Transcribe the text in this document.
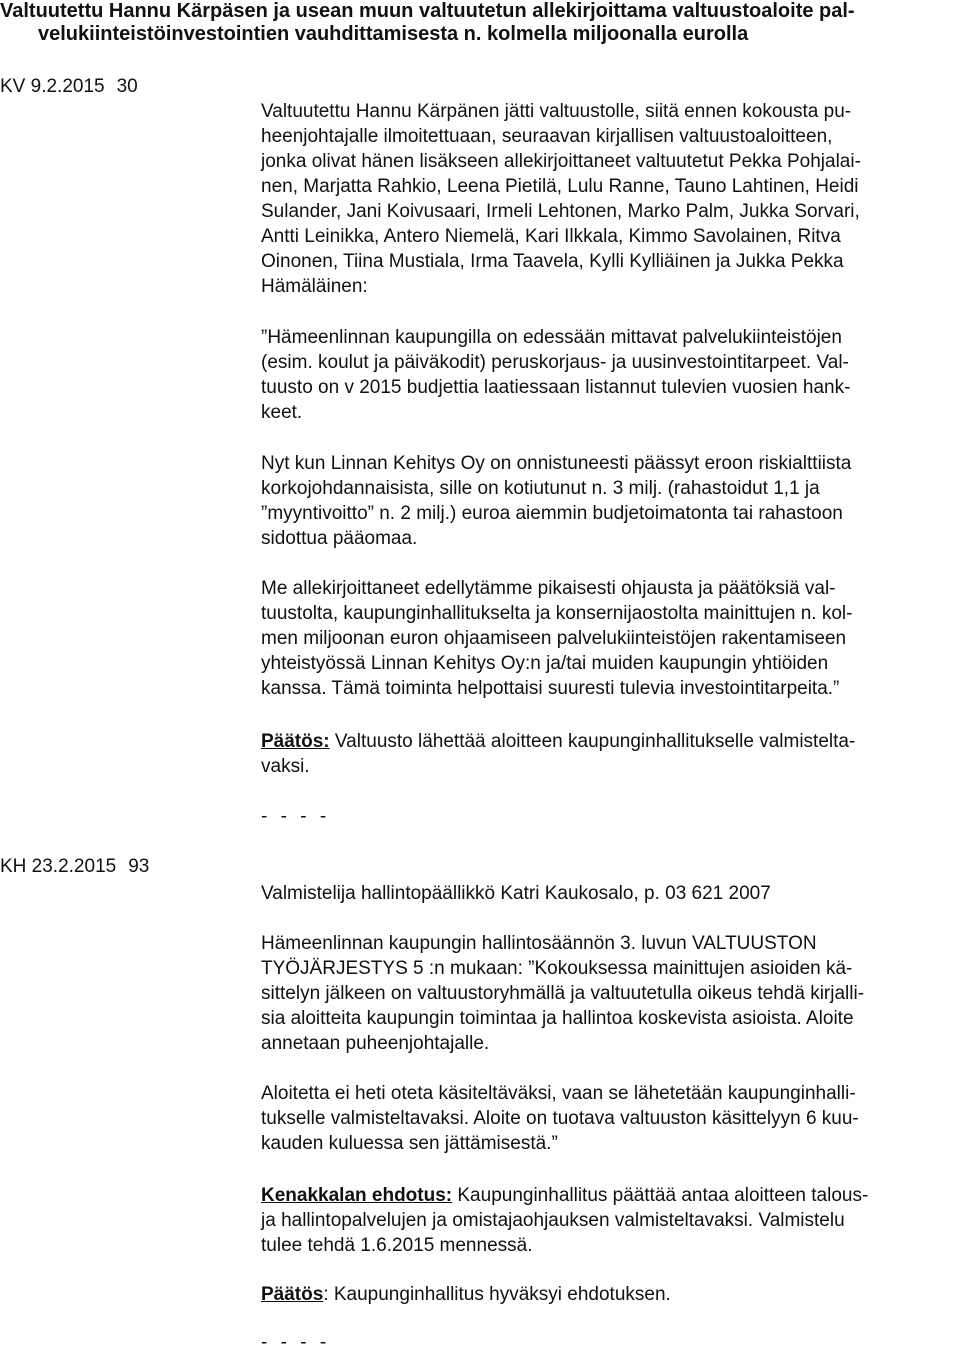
Valtuutettu Hannu Kärpäsen ja usean muun valtuutetun allekirjoittama valtuustoaloite pal-
velukiinteistöinvestointien vauhdittamisesta n. kolmella miljoonalla eurolla
KV 9.2.2015 30
Valtuutettu Hannu Kärpänen jätti valtuustolle, siitä ennen kokousta pu-
heenjohtajalle ilmoitettuaan, seuraavan kirjallisen valtuustoaloitteen,
jonka olivat hänen lisäkseen allekirjoittaneet valtuutetut Pekka Pohjalai-
nen, Marjatta Rahkio, Leena Pietilä, Lulu Ranne, Tauno Lahtinen, Heidi
Sulander, Jani Koivusaari, Irmeli Lehtonen, Marko Palm, Jukka Sorvari,
Antti Leinikka, Antero Niemelä, Kari Ilkkala, Kimmo Savolainen, Ritva
Oinonen, Tiina Mustiala, Irma Taavela, Kylli Kylliäinen ja Jukka Pekka
Hämäläinen:
”Hämeenlinnan kaupungilla on edessään mittavat palvelukiinteistöjen
(esim. koulut ja päiväkodit) peruskorjaus- ja uusinvestointitarpeet. Val-
tuusto on v 2015 budjettia laatiessaan listannut tulevien vuosien hank-
keet.
Nyt kun Linnan Kehitys Oy on onnistuneesti päässyt eroon riskialttiista
korkojohdannaisista, sille on kotiutunut n. 3 milj. (rahastoidut 1,1 ja
”myyntivoitto” n. 2 milj.) euroa aiemmin budjetoimatonta tai rahastoon
sidottua pääomaa.
Me allekirjoittaneet edellytämme pikaisesti ohjausta ja päätöksiä val-
tuustolta, kaupunginhallitukselta ja konsernijaostolta mainittujen n. kol-
men miljoonan euron ohjaamiseen palvelukiinteistöjen rakentamiseen
yhteistyössä Linnan Kehitys Oy:n ja/tai muiden kaupungin yhtiöiden
kanssa. Tämä toiminta helpottaisi suuresti tulevia investointitarpeita.”
Päätös: Valtuusto lähettää aloitteen kaupunginhallitukselle valmisteltа-
vaksi.
- - - -
KH 23.2.2015 93
Valmistelija hallintopäällikkö Katri Kaukosalo, p. 03 621 2007
Hämeenlinnan kaupungin hallintosäännön 3. luvun VALTUUSTON
TYÖJÄRJESTYS 5 :n mukaan: ”Kokouksessa mainittujen asioiden kä-
sittelyn jälkeen on valtuustoryhmällä ja valtuutetulla oikeus tehdä kirjalli-
sia aloitteita kaupungin toimintaa ja hallintoa koskevista asioista. Aloite
annetaan puheenjohtajalle.
Aloitetta ei heti oteta käsiteltäväksi, vaan se lähetetään kaupunginhalli-
tukselle valmisteltavaksi. Aloite on tuotava valtuuston käsittelyyn 6 kuu-
kauden kuluessa sen jättämisestä.”
Kenakkalan ehdotus: Kaupunginhallitus päättää antaa aloitteen talous-
ja hallintopalvelujen ja omistajaohjauksen valmisteltavaksi. Valmistelu
tulee tehdä 1.6.2015 mennessä.
Päätös: Kaupunginhallitus hyväksyi ehdotuksen.
- - - -
